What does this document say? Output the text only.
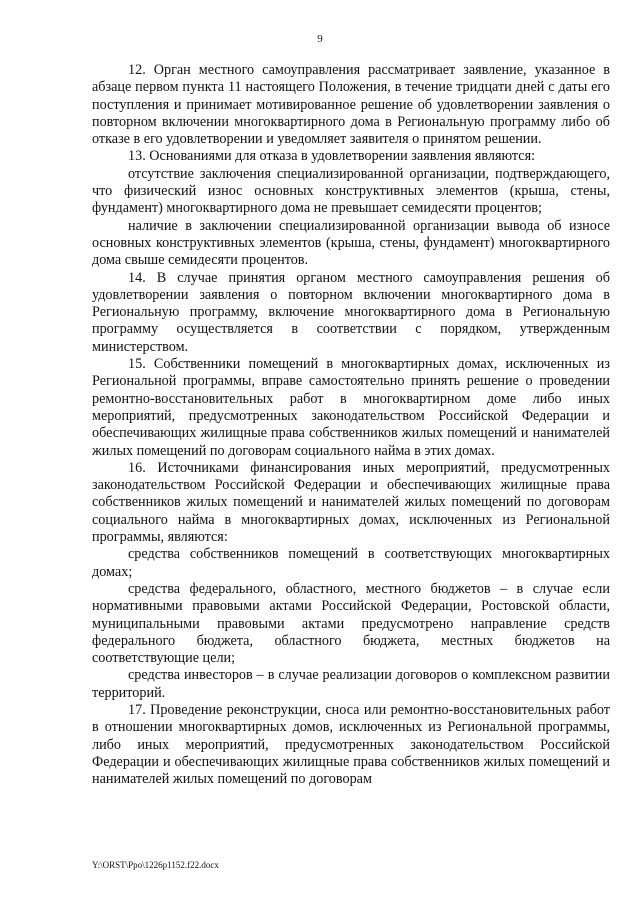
9

12. Орган местного самоуправления рассматривает заявление, указанное в абзаце первом пункта 11 настоящего Положения, в течение тридцати дней с даты его поступления и принимает мотивированное решение об удовлетворении заявления о повторном включении многоквартирного дома в Региональную программу либо об отказе в его удовлетворении и уведомляет заявителя о принятом решении.

13. Основаниями для отказа в удовлетворении заявления являются:

отсутствие заключения специализированной организации, подтверждающего, что физический износ основных конструктивных элементов (крыша, стены, фундамент) многоквартирного дома не превышает семидесяти процентов;

наличие в заключении специализированной организации вывода об износе основных конструктивных элементов (крыша, стены, фундамент) многоквартирного дома свыше семидесяти процентов.

14. В случае принятия органом местного самоуправления решения об удовлетворении заявления о повторном включении многоквартирного дома в Региональную программу, включение многоквартирного дома в Региональную программу осуществляется в соответствии с порядком, утвержденным министерством.

15. Собственники помещений в многоквартирных домах, исключенных из Региональной программы, вправе самостоятельно принять решение о проведении ремонтно-восстановительных работ в многоквартирном доме либо иных мероприятий, предусмотренных законодательством Российской Федерации и обеспечивающих жилищные права собственников жилых помещений и нанимателей жилых помещений по договорам социального найма в этих домах.

16. Источниками финансирования иных мероприятий, предусмотренных законодательством Российской Федерации и обеспечивающих жилищные права собственников жилых помещений и нанимателей жилых помещений по договорам социального найма в многоквартирных домах, исключенных из Региональной программы, являются:

средства собственников помещений в соответствующих многоквартирных домах;

средства федерального, областного, местного бюджетов – в случае если нормативными правовыми актами Российской Федерации, Ростовской области, муниципальными правовыми актами предусмотрено направление средств федерального бюджета, областного бюджета, местных бюджетов на соответствующие цели;

средства инвесторов – в случае реализации договоров о комплексном развитии территорий.

17. Проведение реконструкции, сноса или ремонтно-восстановительных работ в отношении многоквартирных домов, исключенных из Региональной программы, либо иных мероприятий, предусмотренных законодательством Российской Федерации и обеспечивающих жилищные права собственников жилых помещений и нанимателей жилых помещений по договорам

Y:\ORST\Ppo\1226p1152.f22.docx
